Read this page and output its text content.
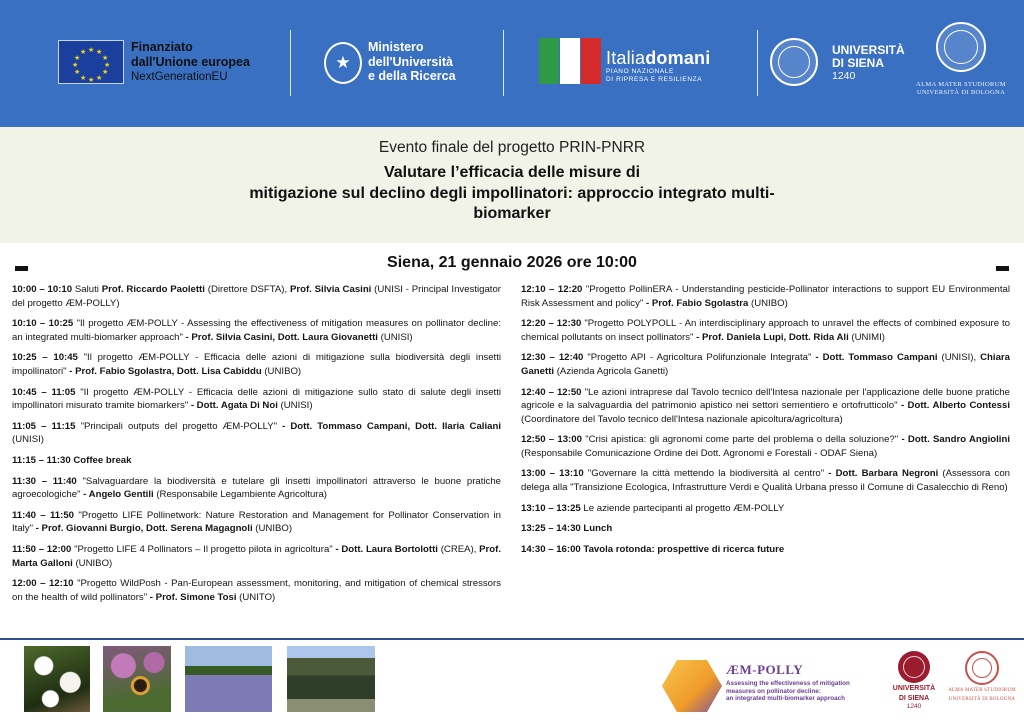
★ ★
★
★
★
★
★
★
★
★
★
★	Finanziato
dall'Unione europea
NextGenerationEU
★
Ministero
dell'Università
e della Ricerca
Italiadomani
PIANO NAZIONALE
DI RIPRESA E RESILIENZA
UNIVERSITÀ
DI SIENA
1240
ALMA MATER STUDIORUM
UNIVERSITÀ DI BOLOGNA
Evento finale del progetto PRIN-PNRR
Valutare l’efficacia delle misure di
mitigazione sul declino degli impollinatori: approccio integrato multi-
biomarker
Siena, 21 gennaio 2026 ore 10:00
10:00 – 10:10 Saluti Prof. Riccardo Paoletti (Direttore DSFTA), Prof. Silvia Casini (UNISI - Principal Investigator del progetto ÆM-POLLY)
10:10 – 10:25 "Il progetto ÆM-POLLY - Assessing the effectiveness of mitigation measures on pollinator decline: an integrated multi-biomarker approach" - Prof. Silvia Casini, Dott. Laura Giovanetti (UNISI)
10:25 – 10:45 "Il progetto ÆM-POLLY - Efficacia delle azioni di mitigazione sulla biodiversità degli insetti impollinatori" - Prof. Fabio Sgolastra, Dott. Lisa Cabiddu (UNIBO)
10:45 – 11:05 "Il progetto ÆM-POLLY - Efficacia delle azioni di mitigazione sullo stato di salute degli insetti impollinatori misurato tramite biomarkers" - Dott. Agata Di Noi (UNISI)
11:05 – 11:15 "Principali outputs del progetto ÆM-POLLY" - Dott. Tommaso Campani, Dott. Ilaria Caliani (UNISI)
11:15 – 11:30 Coffee break
11:30 – 11:40 "Salvaguardare la biodiversità e tutelare gli insetti impollinatori attraverso le buone pratiche agroecologiche" - Angelo Gentili (Responsabile Legambiente Agricoltura)
11:40 – 11:50 "Progetto LIFE Pollinetwork: Nature Restoration and Management for Pollinator Conservation in Italy" - Prof. Giovanni Burgio, Dott. Serena Magagnoli (UNIBO)
11:50 – 12:00 "Progetto LIFE 4 Pollinators – Il progetto pilota in agricoltura" - Dott. Laura Bortolotti (CREA), Prof. Marta Galloni (UNIBO)
12:00 – 12:10 "Progetto WildPosh - Pan-European assessment, monitoring, and mitigation of chemical stressors on the health of wild pollinators" - Prof. Simone Tosi (UNITO)
12:10 – 12:20 "Progetto PollinERA - Understanding pesticide-Pollinator interactions to support EU Environmental Risk Assessment and policy" - Prof. Fabio Sgolastra (UNIBO)
12:20 – 12:30 "Progetto POLYPOLL - An interdisciplinary approach to unravel the effects of combined exposure to chemical pollutants on insect pollinators" - Prof. Daniela Lupi, Dott. Rida Ali (UNIMI)
12:30 – 12:40 "Progetto API - Agricoltura Polifunzionale Integrata" - Dott. Tommaso Campani (UNISI), Chiara Ganetti (Azienda Agricola Ganetti)
12:40 – 12:50 "Le azioni intraprese dal Tavolo tecnico dell'Intesa nazionale per l'applicazione delle buone pratiche agricole e la salvaguardia del patrimonio apistico nei settori sementiero e ortofrutticolo" - Dott. Alberto Contessi (Coordinatore del Tavolo tecnico dell'Intesa nazionale apicoltura/agricoltura)
12:50 – 13:00 "Crisi apistica: gli agronomi come parte del problema o della soluzione?" - Dott. Sandro Angiolini (Responsabile Comunicazione Ordine dei Dott. Agronomi e Forestali - ODAF Siena)
13:00 – 13:10 "Governare la città mettendo la biodiversità al centro" - Dott. Barbara Negroni (Assessora con delega alla "Transizione Ecologica, Infrastrutture Verdi e Qualità Urbana presso il Comune di Casalecchio di Reno)
13:10 – 13:25 Le aziende partecipanti al progetto ÆM-POLLY
13:25 – 14:30 Lunch
14:30 – 16:00 Tavola rotonda: prospettive di ricerca future
ÆM-POLLY
Assessing the effectiveness of mitigation
measures on pollinator decline:
an integrated multi-biomarker approach
UNIVERSITÀ
DI SIENA
1240
ALMA MATER STUDIORUM
UNIVERSITÀ DI BOLOGNA
